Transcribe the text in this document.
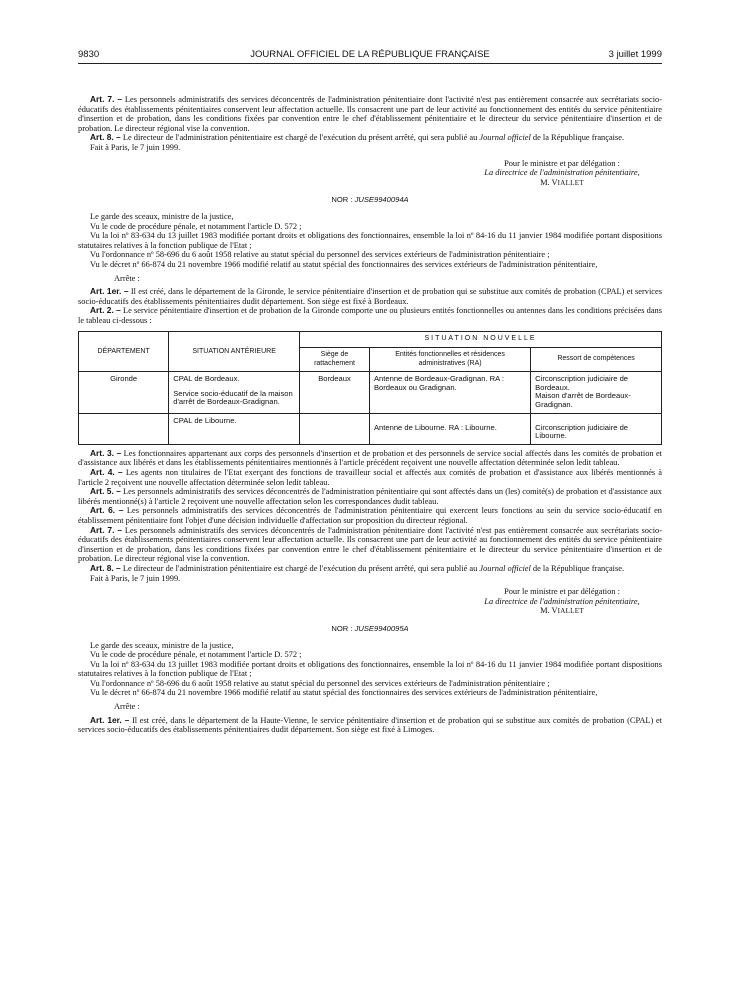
9830	JOURNAL OFFICIEL DE LA RÉPUBLIQUE FRANÇAISE	3 juillet 1999

Art. 7. – Les personnels administratifs des services déconcentrés de l'administration pénitentiaire dont l'activité n'est pas entièrement consacrée aux secrétariats socio-éducatifs des établissements pénitentiaires conservent leur affectation actuelle. Ils consacrent une part de leur activité au fonctionnement des entités du service pénitentiaire d'insertion et de probation, dans les conditions fixées par convention entre le chef d'établissement pénitentiaire et le directeur du service pénitentiaire d'insertion et de probation. Le directeur régional vise la convention.

Art. 8. – Le directeur de l'administration pénitentiaire est chargé de l'exécution du présent arrêté, qui sera publié au Journal officiel de la République française.

Fait à Paris, le 7 juin 1999.

Pour le ministre et par délégation :
La directrice de l'administration pénitentiaire,
M. VIALLET
NOR : JUSE9940094A

Le garde des sceaux, ministre de la justice,

Vu le code de procédure pénale, et notamment l'article D. 572 ;

Vu la loi nº 83-634 du 13 juillet 1983 modifiée portant droits et obligations des fonctionnaires, ensemble la loi nº 84-16 du 11 janvier 1984 modifiée portant dispositions statutaires relatives à la fonction publique de l'Etat ;

Vu l'ordonnance nº 58-696 du 6 août 1958 relative au statut spécial du personnel des services extérieurs de l'administration pénitentiaire ;

Vu le décret nº 66-874 du 21 novembre 1966 modifié relatif au statut spécial des fonctionnaires des services extérieurs de l'administration pénitentiaire,

Arrête :

Art. 1er. – Il est créé, dans le département de la Gironde, le service pénitentiaire d'insertion et de probation qui se substitue aux comités de probation (CPAL) et services socio-éducatifs des établissements pénitentiaires dudit département. Son siège est fixé à Bordeaux.

Art. 2. – Le service pénitentiaire d'insertion et de probation de la Gironde comporte une ou plusieurs entités fonctionnelles ou antennes dans les conditions précisées dans le tableau ci-dessous :

DÉPARTEMENT	SITUATION ANTÉRIEURE	SITUATION NOUVELLE		
		Siège de rattachement	Entités fonctionnelles et résidences administratives (RA)	Ressort de compétences
Gironde	CPAL de Bordeaux.
Service socio-éducatif de la maison d'arrêt de Bordeaux-Gradignan.	Bordeaux	Antenne de Bordeaux-Gradignan. RA : Bordeaux ou Gradignan.	Circonscription judiciaire de Bordeaux.
Maison d'arrêt de Bordeaux-Gradignan.
	CPAL de Libourne.		Antenne de Libourne. RA : Libourne.	Circonscription judiciaire de Libourne.

Art. 3. – Les fonctionnaires appartenant aux corps des personnels d'insertion et de probation et des personnels de service social affectés dans les comités de probation et d'assistance aux libérés et dans les établissements pénitentiaires mentionnés à l'article précédent reçoivent une nouvelle affectation déterminée selon ledit tableau.

Art. 4. – Les agents non titulaires de l'Etat exerçant des fonctions de travailleur social et affectés aux comités de probation et d'assistance aux libérés mentionnés à l'article 2 reçoivent une nouvelle affectation déterminée selon ledit tableau.

Art. 5. – Les personnels administratifs des services déconcentrés de l'administration pénitentiaire qui sont affectés dans un (les) comité(s) de probation et d'assistance aux libérés mentionné(s) à l'article 2 reçoivent une nouvelle affectation selon les correspondances dudit tableau.

Art. 6. – Les personnels administratifs des services déconcentrés de l'administration pénitentiaire qui exercent leurs fonctions au sein du service socio-éducatif en établissement pénitentiaire font l'objet d'une décision individuelle d'affectation sur proposition du directeur régional.

Art. 7. – Les personnels administratifs des services déconcentrés de l'administration pénitentiaire dont l'activité n'est pas entièrement consacrée aux secrétariats socio-éducatifs des établissements pénitentiaires conservent leur affectation actuelle. Ils consacrent une part de leur activité au fonctionnement des entités du service pénitentiaire d'insertion et de probation, dans les conditions fixées par convention entre le chef d'établissement pénitentiaire et le directeur du service pénitentiaire d'insertion et de probation. Le directeur régional vise la convention.

Art. 8. – Le directeur de l'administration pénitentiaire est chargé de l'exécution du présent arrêté, qui sera publié au Journal officiel de la République française.

Fait à Paris, le 7 juin 1999.

Pour le ministre et par délégation :
La directrice de l'administration pénitentiaire,
M. VIALLET
NOR : JUSE9940095A

Le garde des sceaux, ministre de la justice,

Vu le code de procédure pénale, et notamment l'article D. 572 ;

Vu la loi nº 83-634 du 13 juillet 1983 modifiée portant droits et obligations des fonctionnaires, ensemble la loi nº 84-16 du 11 janvier 1984 modifiée portant dispositions statutaires relatives à la fonction publique de l'Etat ;

Vu l'ordonnance nº 58-696 du 6 août 1958 relative au statut spécial du personnel des services extérieurs de l'administration pénitentiaire ;

Vu le décret nº 66-874 du 21 novembre 1966 modifié relatif au statut spécial des fonctionnaires des services extérieurs de l'administration pénitentiaire,

Arrête :

Art. 1er. – Il est créé, dans le département de la Haute-Vienne, le service pénitentiaire d'insertion et de probation qui se substitue aux comités de probation (CPAL) et services socio-éducatifs des établissements pénitentiaires dudit département. Son siège est fixé à Limoges.
